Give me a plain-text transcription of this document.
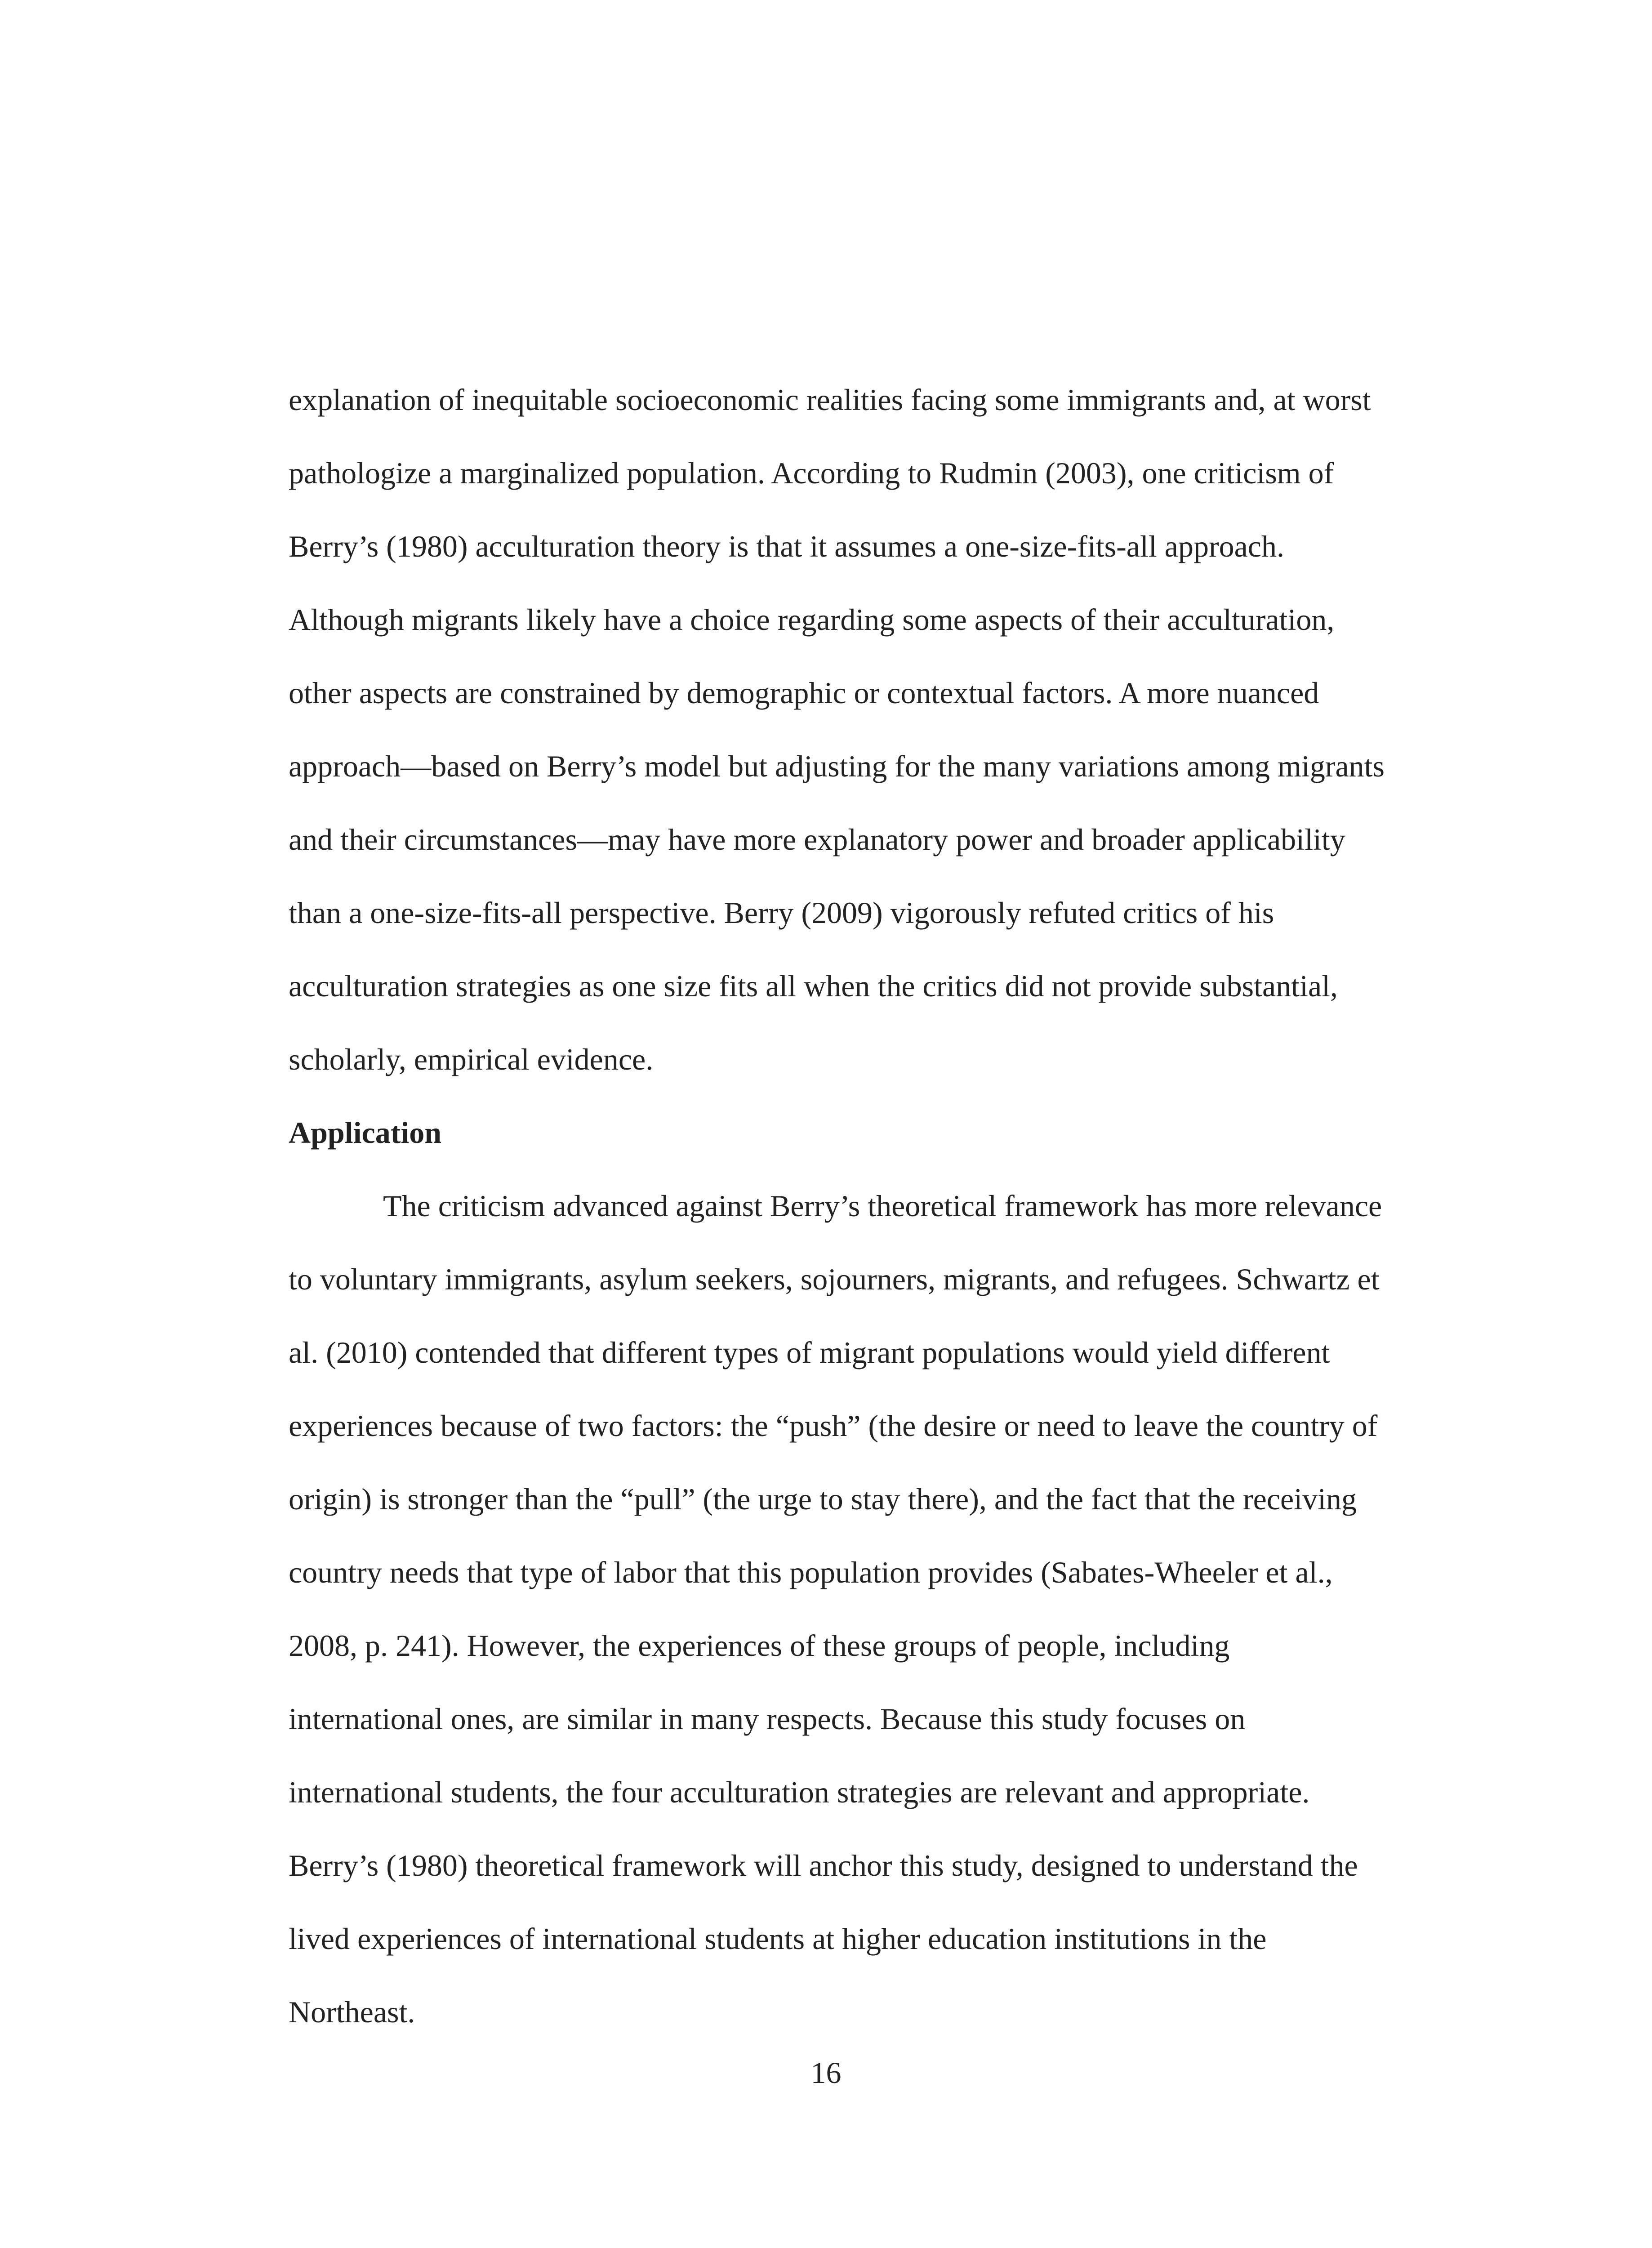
explanation of inequitable socioeconomic realities facing some immigrants and, at worst
pathologize a marginalized population. According to Rudmin (2003), one criticism of
Berry’s (1980) acculturation theory is that it assumes a one-size-fits-all approach.
Although migrants likely have a choice regarding some aspects of their acculturation,
other aspects are constrained by demographic or contextual factors. A more nuanced
approach—based on Berry’s model but adjusting for the many variations among migrants
and their circumstances—may have more explanatory power and broader applicability
than a one-size-fits-all perspective. Berry (2009) vigorously refuted critics of his
acculturation strategies as one size fits all when the critics did not provide substantial,
scholarly, empirical evidence.
Application
The criticism advanced against Berry’s theoretical framework has more relevance
to voluntary immigrants, asylum seekers, sojourners, migrants, and refugees. Schwartz et
al. (2010) contended that different types of migrant populations would yield different
experiences because of two factors: the “push” (the desire or need to leave the country of
origin) is stronger than the “pull” (the urge to stay there), and the fact that the receiving
country needs that type of labor that this population provides (Sabates-Wheeler et al.,
2008, p. 241). However, the experiences of these groups of people, including
international ones, are similar in many respects. Because this study focuses on
international students, the four acculturation strategies are relevant and appropriate.
Berry’s (1980) theoretical framework will anchor this study, designed to understand the
lived experiences of international students at higher education institutions in the
Northeast.
16
